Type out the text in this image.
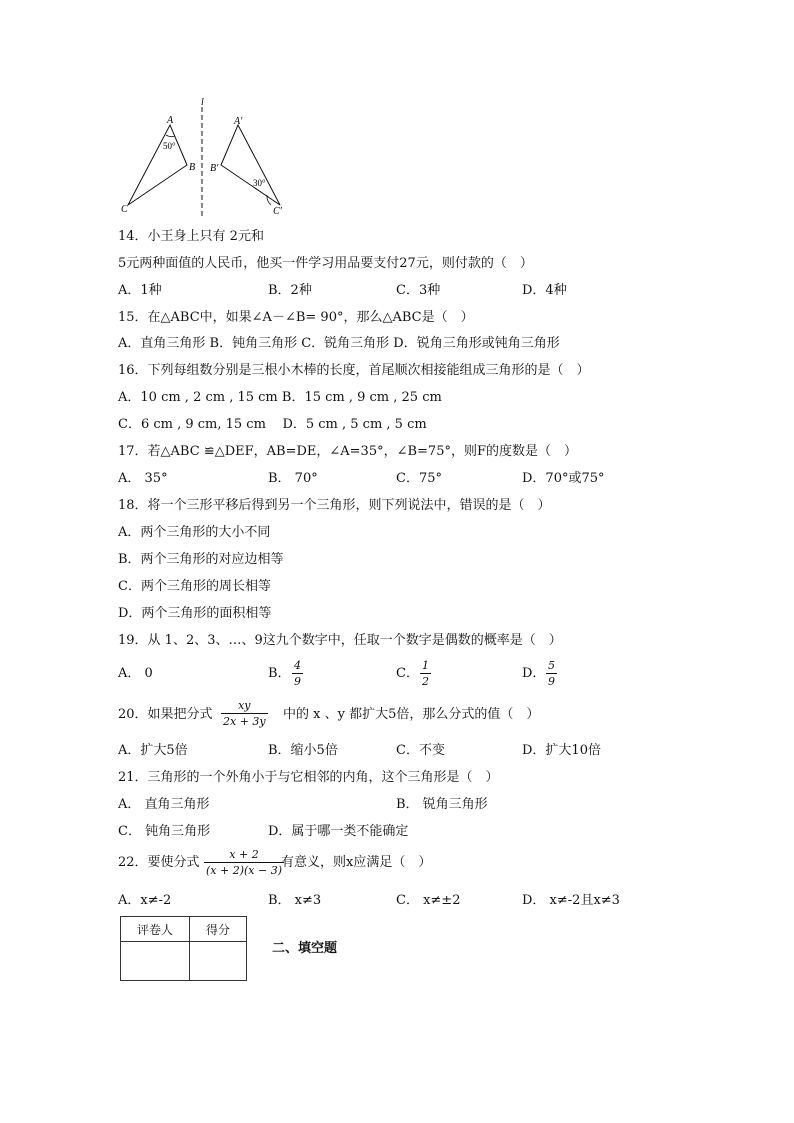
A
50°
B
C
l
A′
B′
30°
C′
14．小王身上只有 2元和
5元两种面值的人民币，他买一件学习用品要支付27元，则付款的（　）
A．1种	B．2种	C．3种	D．4种
15．在△ABC中，如果∠A－∠B= 90°，那么△ABC是（　）
A．直角三角形 B．钝角三角形 C．锐角三角形 D．锐角三角形或钝角三角形
16．下列每组数分别是三根小木棒的长度，首尾顺次相接能组成三角形的是（　）
A．10 cm , 2 cm , 15 cm B．15 cm , 9 cm , 25 cm
C．6 cm , 9 cm, 15 cm    D．5 cm , 5 cm , 5 cm
17．若△ABC ≌△DEF，AB=DE，∠A=35°，∠B=75°，则F的度数是（　）
A． 35°	B． 70°	C．75°	D．70°或75°
18．将一个三形平移后得到另一个三角形，则下列说法中，错误的是（　）
A．两个三角形的大小不同
B．两个三角形的对应边相等
C．两个三角形的周长相等
D．两个三角形的面积相等
19．从 1、2、3、…、9这九个数字中，任取一个数字是偶数的概率是（　）
A． 0	B．
4
9
C．
1
2
D．
5
9
20．如果把分式
xy
2x + 3y 中的 x 、y 都扩大5倍，那么分式的值（　）
A．扩大5倍	B．缩小5倍	C．不变	D．扩大10倍
21．三角形的一个外角小于与它相邻的内角，这个三角形是（　）
A． 直角三角形	B． 锐角三角形
C． 钝角三角形	D．属于哪一类不能确定
22．要使分式
x + 2
(x + 2)(x − 3)
有意义，则x应满足（　）
A．x≠-2	B． x≠3	C． x≠±2	D． x≠-2且x≠3
评卷人	得分

二、填空题
